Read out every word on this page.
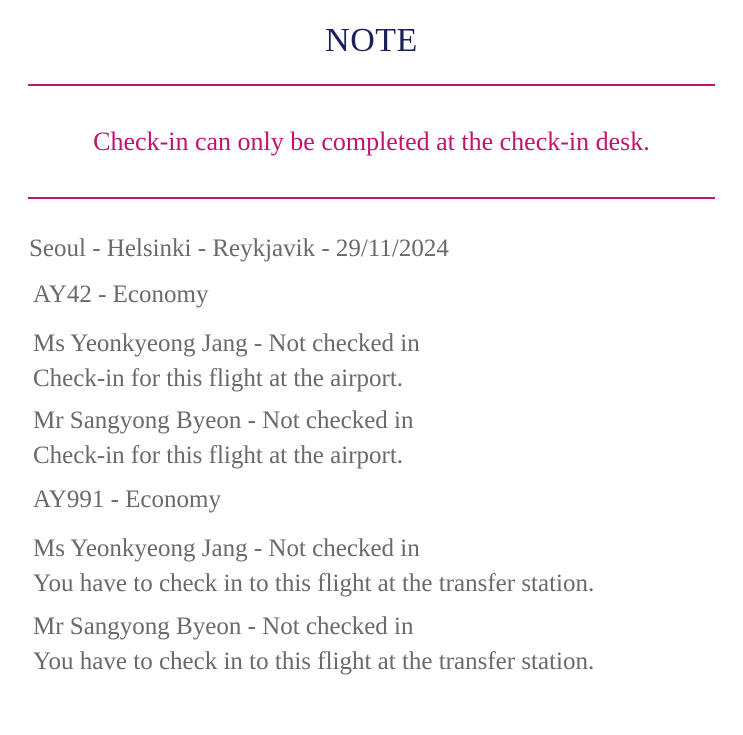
NOTE
Check-in can only be completed at the check-in desk.
Seoul - Helsinki - Reykjavik - 29/11/2024
AY42 - Economy
Ms Yeonkyeong Jang - Not checked in
Check-in for this flight at the airport.
Mr Sangyong Byeon - Not checked in
Check-in for this flight at the airport.
AY991 - Economy
Ms Yeonkyeong Jang - Not checked in
You have to check in to this flight at the transfer station.
Mr Sangyong Byeon - Not checked in
You have to check in to this flight at the transfer station.
